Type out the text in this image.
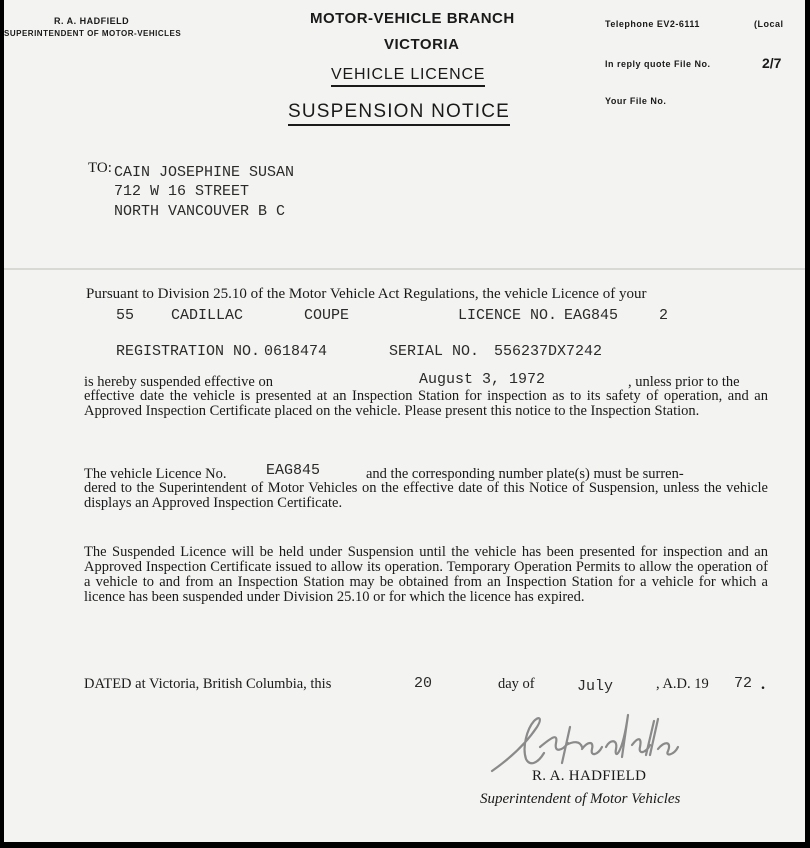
R. A. HADFIELD
SUPERINTENDENT OF MOTOR-VEHICLES
MOTOR-VEHICLE BRANCH
VICTORIA
VEHICLE LICENCE
SUSPENSION NOTICE
Telephone EV2-6111	(Local
In reply quote File No.	2/7
Your File No.
TO: CAIN JOSEPHINE SUSAN
712 W 16 STREET
NORTH VANCOUVER B C
Pursuant to Division 25.10 of the Motor Vehicle Act Regulations, the vehicle Licence of your
55 CADILLAC	COUPE	LICENCE NO. EAG845	2
REGISTRATION NO. 0618474	SERIAL NO. 556237DX7242
is hereby suspended effective on	August 3, 1972	, unless prior to the

effective date the vehicle is presented at an Inspection Station for inspection as to its safety of operation, and an Approved Inspection Certificate placed on the vehicle. Please present this notice to the Inspection Station.

The vehicle Licence No.	EAG845	and the corresponding number plate(s) must be surren-

dered to the Superintendent of Motor Vehicles on the effective date of this Notice of Suspension, unless the vehicle displays an Approved Inspection Certificate.

The Suspended Licence will be held under Suspension until the vehicle has been presented for inspection and an Approved Inspection Certificate issued to allow its operation. Temporary Operation Permits to allow the operation of a vehicle to and from an Inspection Station may be obtained from an Inspection Station for a vehicle for which a licence has been suspended under Division 25.10 or for which the licence has expired.

DATED at Victoria, British Columbia, this	20	day of	July	, A.D. 19 72 .
R. A. HADFIELD
Superintendent of Motor Vehicles
